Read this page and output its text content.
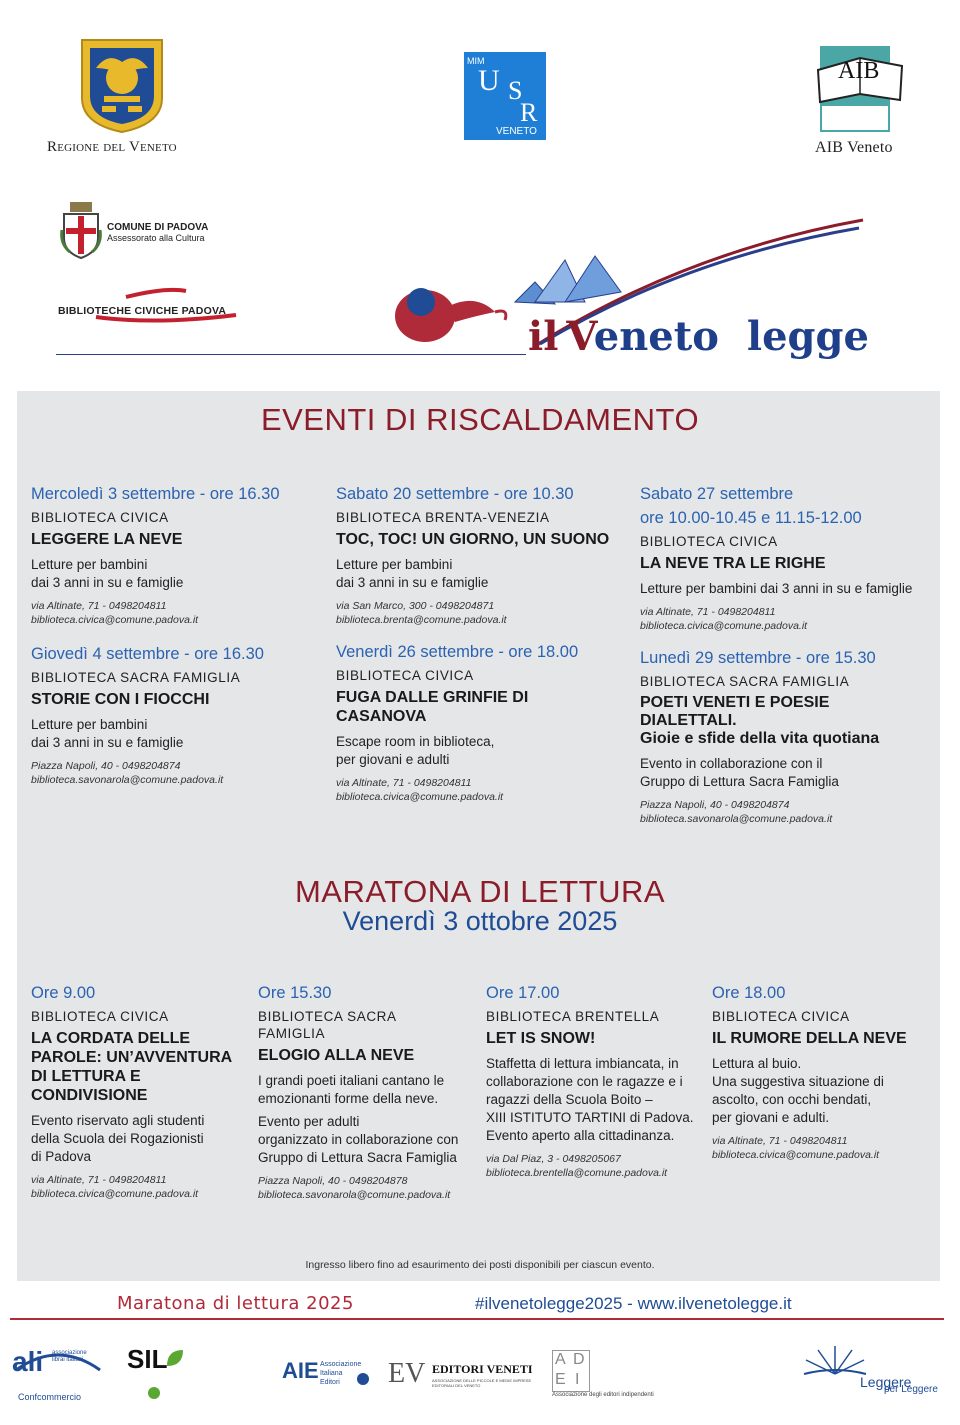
Regione del Veneto
MIM
U S
R
VENETO
AIB
AIB Veneto
COMUNE DI PADOVA
Assessorato alla Cultura
BIBLIOTECHE CIVICHE PADOVA
il Veneto legge
EVENTI DI RISCALDAMENTO
Mercoledì 3 settembre - ore 16.30
BIBLIOTECA CIVICA
LEGGERE LA NEVE
Letture per bambini
dai 3 anni in su e famiglie
via Altinate, 71 - 0498204811
biblioteca.civica@comune.padova.it
Sabato 20 settembre - ore 10.30
BIBLIOTECA BRENTA-VENEZIA
TOC, TOC! UN GIORNO, UN SUONO
Letture per bambini
dai 3 anni in su e famiglie
via San Marco, 300 - 0498204871
biblioteca.brenta@comune.padova.it
Sabato 27 settembre
ore 10.00-10.45 e 11.15-12.00
BIBLIOTECA CIVICA
LA NEVE TRA LE RIGHE
Letture per bambini dai 3 anni in su e famiglie
via Altinate, 71 - 0498204811
biblioteca.civica@comune.padova.it
Giovedì 4 settembre - ore 16.30
BIBLIOTECA SACRA FAMIGLIA
STORIE CON I FIOCCHI
Letture per bambini
dai 3 anni in su e famiglie
Piazza Napoli, 40 - 0498204874
biblioteca.savonarola@comune.padova.it
Venerdì 26 settembre - ore 18.00
BIBLIOTECA CIVICA
FUGA DALLE GRINFIE DI
CASANOVA
Escape room in biblioteca,
per giovani e adulti
via Altinate, 71 - 0498204811
biblioteca.civica@comune.padova.it
Lunedì 29 settembre - ore 15.30
BIBLIOTECA SACRA FAMIGLIA
POETI VENETI E POESIE
DIALETTALI.
Gioie e sfide della vita quotiana
Evento in collaborazione con il
Gruppo di Lettura Sacra Famiglia
Piazza Napoli, 40 - 0498204874
biblioteca.savonarola@comune.padova.it
MARATONA DI LETTURA
Venerdì 3 ottobre 2025
Ore 9.00
BIBLIOTECA CIVICA
LA CORDATA DELLE
PAROLE: UN’AVVENTURA
DI LETTURA E
CONDIVISIONE
Evento riservato agli studenti
della Scuola dei Rogazionisti
di Padova
via Altinate, 71 - 0498204811
biblioteca.civica@comune.padova.it
Ore 15.30
BIBLIOTECA SACRA
FAMIGLIA
ELOGIO ALLA NEVE
I grandi poeti italiani cantano le
emozionanti forme della neve.
Evento per adulti
organizzato in collaborazione con
Gruppo di Lettura Sacra Famiglia
Piazza Napoli, 40 - 0498204878
biblioteca.savonarola@comune.padova.it
Ore 17.00
BIBLIOTECA BRENTELLA
LET IS SNOW!
Staffetta di lettura imbiancata, in
collaborazione con le ragazze e i
ragazzi della Scuola Boito –
XIII ISTITUTO TARTINI di Padova.
Evento aperto alla cittadinanza.
via Dal Piaz, 3 - 0498205067
biblioteca.brentella@comune.padova.it
Ore 18.00
BIBLIOTECA CIVICA
IL RUMORE DELLA NEVE
Lettura al buio.
Una suggestiva situazione di
ascolto, con occhi bendati,
per giovani e adulti.
via Altinate, 71 - 0498204811
biblioteca.civica@comune.padova.it
Ingresso libero fino ad esaurimento dei posti disponibili per ciascun evento.
Maratona di lettura 2025	#ilvenetolegge2025 - www.ilvenetolegge.it
ali associazione librai italiani
Confcommercio
SIL	AIE Associazione Italiana Editori	EV EDITORI VENETI
ASSOCIAZIONE DELLE PICCOLE E MEDIE IMPRESE EDITORIALI DEL VENETO
A D
E I
Associazione degli editori indipendenti
Leggere
per Leggere
